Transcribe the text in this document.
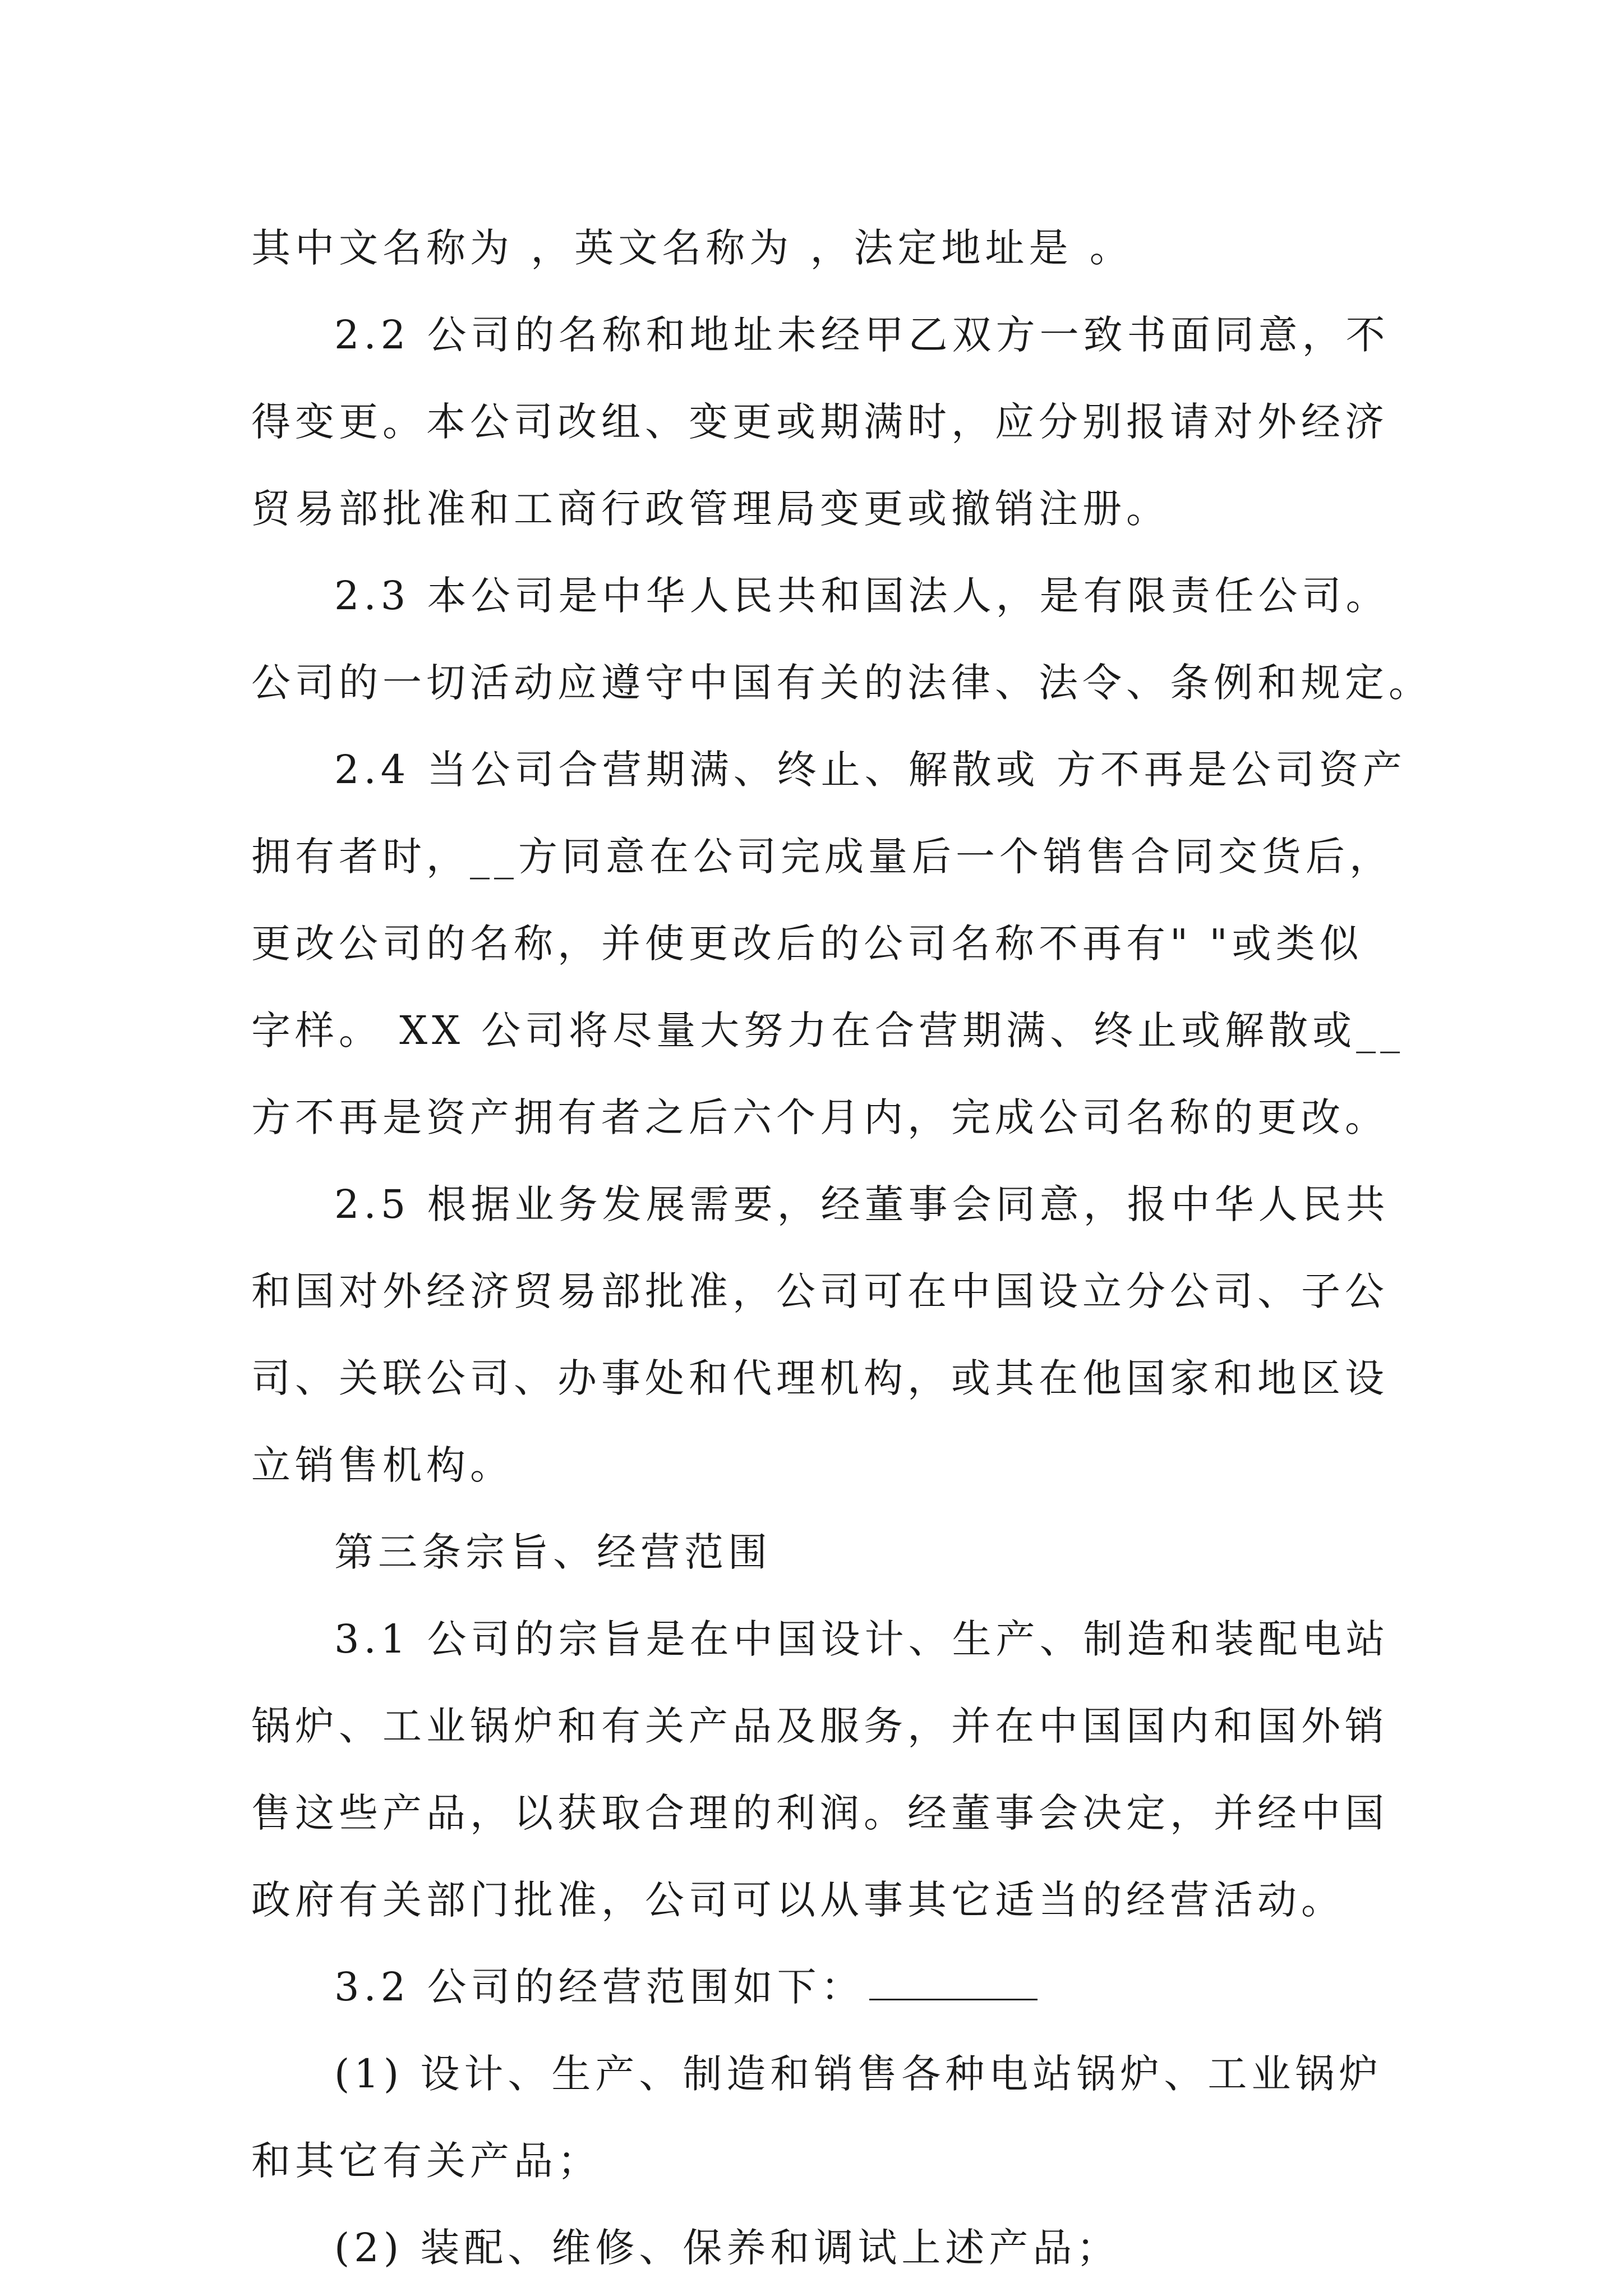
其中文名称为 ，英文名称为 ，法定地址是 。
2.2 公司的名称和地址未经甲乙双方一致书面同意，不
得变更。本公司改组、变更或期满时，应分别报请对外经济
贸易部批准和工商行政管理局变更或撤销注册。
2.3 本公司是中华人民共和国法人，是有限责任公司。
公司的一切活动应遵守中国有关的法律、法令、条例和规定。
2.4 当公司合营期满、终止、解散或 方不再是公司资产
拥有者时，__方同意在公司完成量后一个销售合同交货后，
更改公司的名称，并使更改后的公司名称不再有" "或类似
字样。 XX 公司将尽量大努力在合营期满、终止或解散或__
方不再是资产拥有者之后六个月内，完成公司名称的更改。
2.5 根据业务发展需要，经董事会同意，报中华人民共
和国对外经济贸易部批准，公司可在中国设立分公司、子公
司、关联公司、办事处和代理机构，或其在他国家和地区设
立销售机构。
第三条宗旨、经营范围
3.1 公司的宗旨是在中国设计、生产、制造和装配电站
锅炉、工业锅炉和有关产品及服务，并在中国国内和国外销
售这些产品，以获取合理的利润。经董事会决定，并经中国
政府有关部门批准，公司可以从事其它适当的经营活动。
3.2 公司的经营范围如下：
(1) 设计、生产、制造和销售各种电站锅炉、工业锅炉
和其它有关产品；
(2) 装配、维修、保养和调试上述产品；
